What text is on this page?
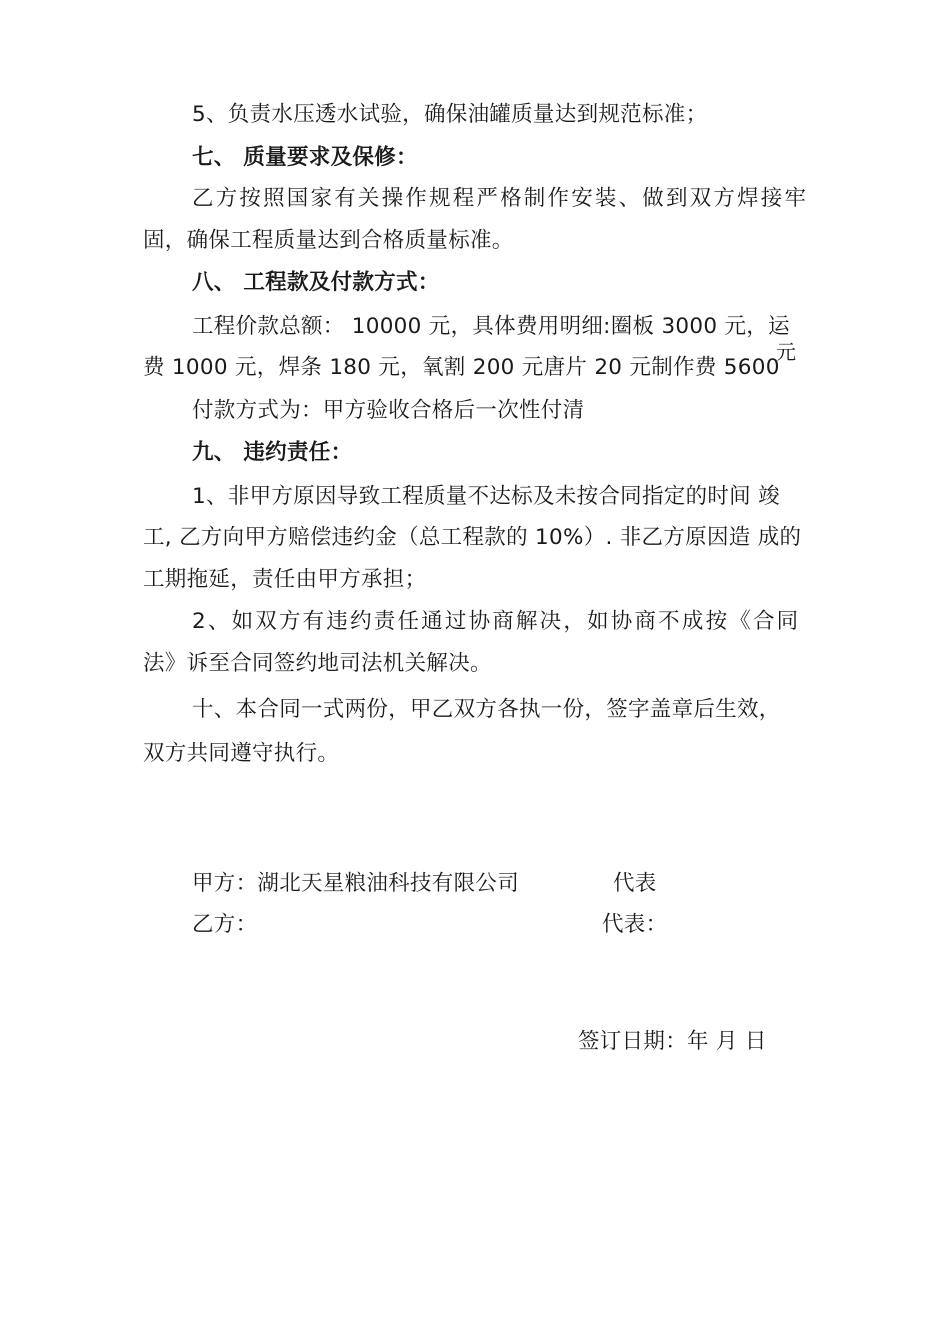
5、负责水压透水试验，确保油罐质量达到规范标准；
七、 质量要求及保修：
乙方按照国家有关操作规程严格制作安装、做到双方焊接牢
固，确保工程质量达到合格质量标准。
八、 工程款及付款方式：
工程价款总额： 10000 元，具体费用明细:圈板 3000 元，运
费 1000 元，焊条 180 元，氧割 200 元唐片 20 元制作费 5600
元
付款方式为：甲方验收合格后一次性付清
九、 违约责任：
1、非甲方原因导致工程质量不达标及未按合同指定的时间 竣
工, 乙方向甲方赔偿违约金（总工程款的 10%）. 非乙方原因造 成的
工期拖延，责任由甲方承担；
2、如双方有违约责任通过协商解决，如协商不成按《合同
法》诉至合同签约地司法机关解决。
十、本合同一式两份，甲乙双方各执一份，签字盖章后生效，
双方共同遵守执行。
甲方：湖北天星粮油科技有限公司	代表
乙方：	代表：
签订日期：年 月 日
